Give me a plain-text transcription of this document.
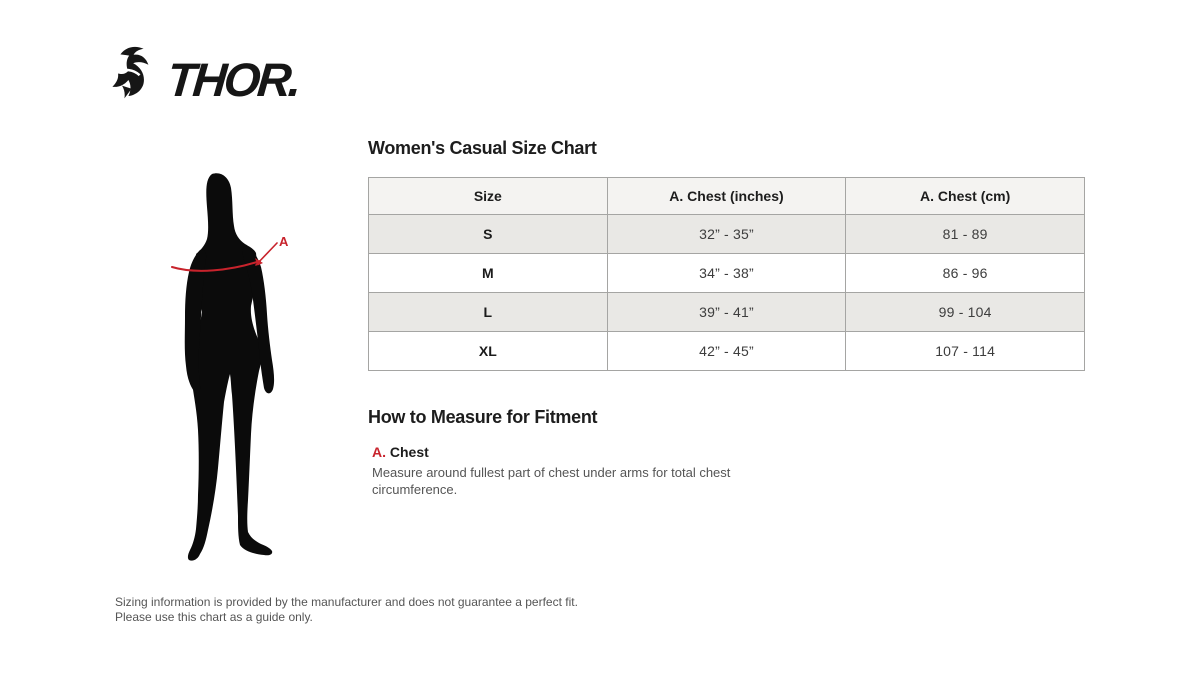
THOR.
A
Women's Casual Size Chart
Size	A. Chest (inches)	A. Chest (cm)
S	32” - 35”	81 - 89
M	34” - 38”	86 - 96
L	39” - 41”	99 - 104
XL	42” - 45”	107 - 114
How to Measure for Fitment
A. Chest
Measure around fullest part of chest under arms for total chest circumference.
Sizing information is provided by the manufacturer and does not guarantee a perfect fit.
Please use this chart as a guide only.
